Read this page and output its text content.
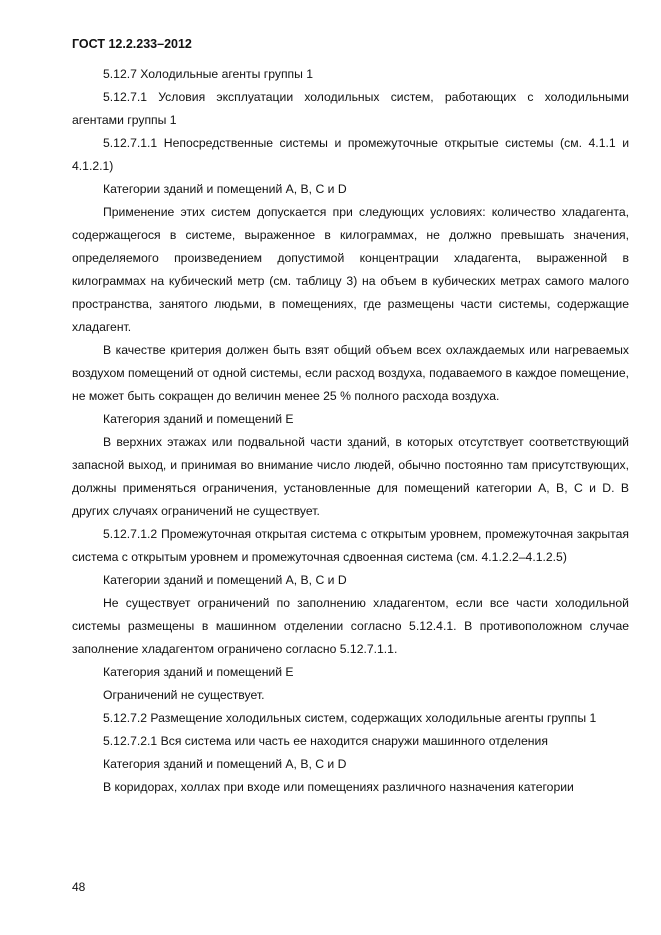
ГОСТ 12.2.233–2012

5.12.7 Холодильные агенты группы 1

5.12.7.1 Условия эксплуатации холодильных систем, работающих с холодильными агентами группы 1

5.12.7.1.1 Непосредственные системы и промежуточные открытые системы (см. 4.1.1 и 4.1.2.1)

Категории зданий и помещений A, B, C и D

Применение этих систем допускается при следующих условиях: количество хладагента, содержащегося в системе, выраженное в килограммах, не должно превышать значения, определяемого произведением допустимой концентрации хладагента, выраженной в килограммах на кубический метр (см. таблицу 3) на объем в кубических метрах самого малого пространства, занятого людьми, в помещениях, где размещены части системы, содержащие хладагент.

В качестве критерия должен быть взят общий объем всех охлаждаемых или нагреваемых воздухом помещений от одной системы, если расход воздуха, подаваемого в каждое помещение, не может быть сокращен до величин менее 25 % полного расхода воздуха.

Категория зданий и помещений E

В верхних этажах или подвальной части зданий, в которых отсутствует соответствующий запасной выход, и принимая во внимание число людей, обычно постоянно там присутствующих, должны применяться ограничения, установленные для помещений категории A, B, C и D. В других случаях ограничений не существует.

5.12.7.1.2 Промежуточная открытая система с открытым уровнем, промежуточная закрытая система с открытым уровнем и промежуточная сдвоенная система (см. 4.1.2.2–4.1.2.5)

Категории зданий и помещений A, B, C и D

Не существует ограничений по заполнению хладагентом, если все части холодильной системы размещены в машинном отделении согласно 5.12.4.1. В противоположном случае заполнение хладагентом ограничено согласно 5.12.7.1.1.

Категория зданий и помещений E

Ограничений не существует.

5.12.7.2 Размещение холодильных систем, содержащих холодильные агенты группы 1

5.12.7.2.1 Вся система или часть ее находится снаружи машинного отделения

Категория зданий и помещений A, B, C и D

В коридорах, холлах при входе или помещениях различного назначения категории

48
